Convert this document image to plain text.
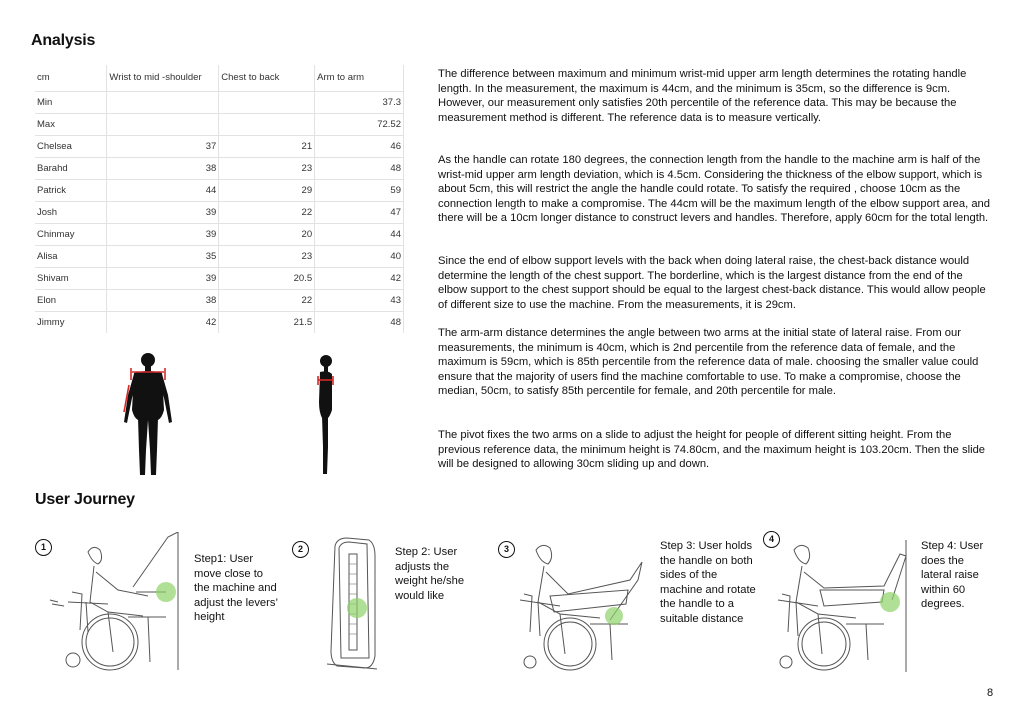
Analysis
cm	Wrist to mid -shoulder	Chest to back	Arm to arm
Min			37.3
Max			72.52
Chelsea	37	21	46
Barahd	38	23	48
Patrick	44	29	59
Josh	39	22	47
Chinmay	39	20	44
Alisa	35	23	40
Shivam	39	20.5	42
Elon	38	22	43
Jimmy	42	21.5	48

The difference between maximum and minimum wrist-mid upper arm length determines the rotating handle length. In the measurement, the maximum is 44cm, and the minimum is 35cm, so the difference is 9cm. However, our measurement only satisfies 20th percentile of the reference data. This may be because the measurement method is different. The reference data is to measure vertically.

As the handle can rotate 180 degrees, the connection length from the handle to the machine arm is half of the wrist-mid upper arm length deviation, which is 4.5cm. Considering the thickness of the elbow support, which is about 5cm, this will restrict the angle the handle could rotate. To satisfy the required , choose 10cm as the connection length to make a compromise. The 44cm will be the maximum length of the elbow support area, and there will be a 10cm longer distance to construct levers and handles. Therefore, apply 60cm for the total length.

Since the end of elbow support levels with the back when doing lateral raise, the chest-back distance would determine the length of the chest support. The borderline, which is the largest distance from the end of the elbow support to the chest support should be equal to the largest chest-back distance. This would allow people of different size to use the machine. From the measurements, it is 29cm.

The arm-arm distance determines the angle between two arms at the initial state of lateral raise. From our measurements, the minimum is 40cm, which is 2nd percentile from the reference data of female, and the maximum is 59cm, which is 85th percentile from the reference data of male. choosing the smaller value could ensure that the majority of users find the machine comfortable to use. To make a compromise, choose the median, 50cm, to satisfy 85th percentile for female, and 20th percentile for male.

The pivot fixes the two arms on a slide to adjust the height for people of different sitting height. From the previous reference data, the minimum height is 74.80cm, and the maximum height is 103.20cm. Then the slide will be designed to allowing 30cm sliding up and down.

User Journey
1

Step1: User move close to the machine and adjust the levers’ height

2	Step 2: User adjusts the weight he/she would like

3	Step 3: User holds the handle on both sides of the machine and rotate the handle to a suitable distance

4

Step 4: User does the lateral raise within 60 degrees.

8
